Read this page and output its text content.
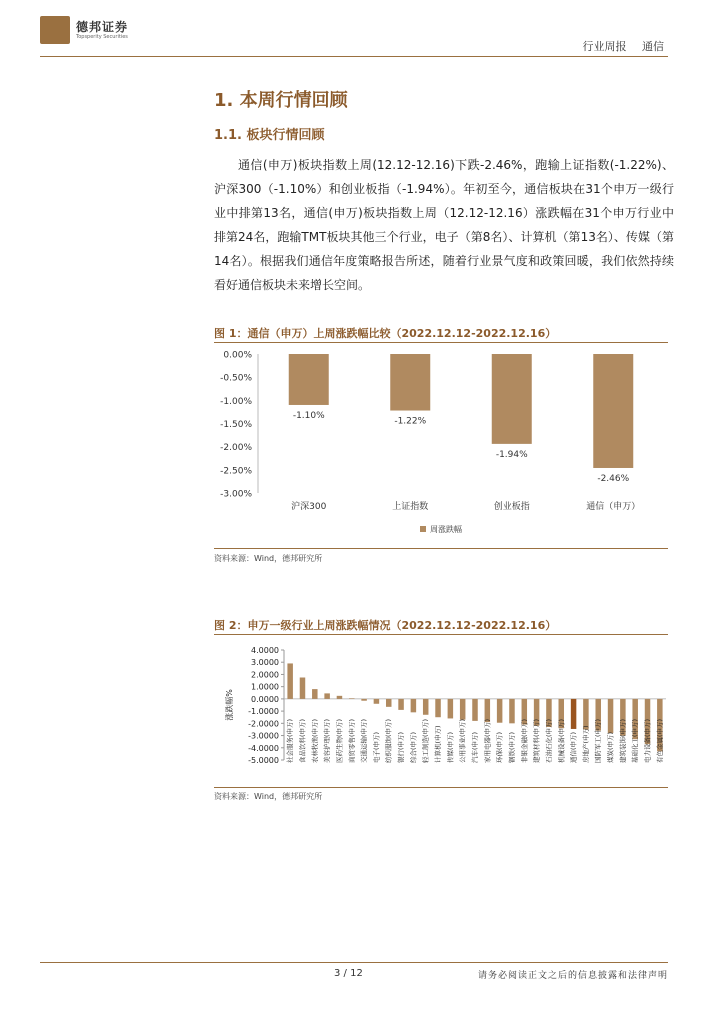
德邦证券
Topsperity Securities
行业周报 通信
1. 本周行情回顾
1.1. 板块行情回顾
通信(申万)板块指数上周(12.12-12.16)下跌-2.46%，跑输上证指数(-1.22%)、沪深300（-1.10%）和创业板指（-1.94%）。年初至今，通信板块在31个申万一级行业中排第13名，通信(申万)板块指数上周（12.12-12.16）涨跌幅在31个申万行业中排第24名，跑输TMT板块其他三个行业，电子（第8名）、计算机（第13名）、传媒（第14名）。根据我们通信年度策略报告所述，随着行业景气度和政策回暖，我们依然持续看好通信板块未来增长空间。
图 1：通信（申万）上周涨跌幅比较（2022.12.12-2022.12.16）
0.00%
-0.50%
-1.00%
-1.50%
-2.00%
-2.50%
-3.00%
-1.10%
沪深300
-1.22%
上证指数
-1.94%
创业板指
-2.46%
通信（申万）
周涨跌幅
资料来源：Wind，德邦研究所
图 2：申万一级行业上周涨跌幅情况（2022.12.12-2022.12.16）
4.0000
3.0000
2.0000
1.0000
0.0000
-1.0000
-2.0000
-3.0000
-4.0000
-5.0000
涨跌幅%
社会服务(申万) 食品饮料(申万) 农林牧渔(申万) 美容护理(申万) 医药生物(申万) 商贸零售(申万) 交通运输(申万) 电子(申万) 纺织服饰(申万) 银行(申万) 综合(申万) 轻工制造(申万) 计算机(申万) 传媒(申万) 公用事业(申万) 汽车(申万) 家用电器(申万) 环保(申万) 钢铁(申万) 非银金融(申万) 建筑材料(申万) 石油石化(申万) 机械设备(申万) 通信(申万) 房地产(申万) 国防军工(申万) 煤炭(申万) 建筑装饰(申万) 基础化工(申万) 电力设备(申万) 有色金属(申万)
资料来源：Wind，德邦研究所
3 / 12	请务必阅读正文之后的信息披露和法律声明
